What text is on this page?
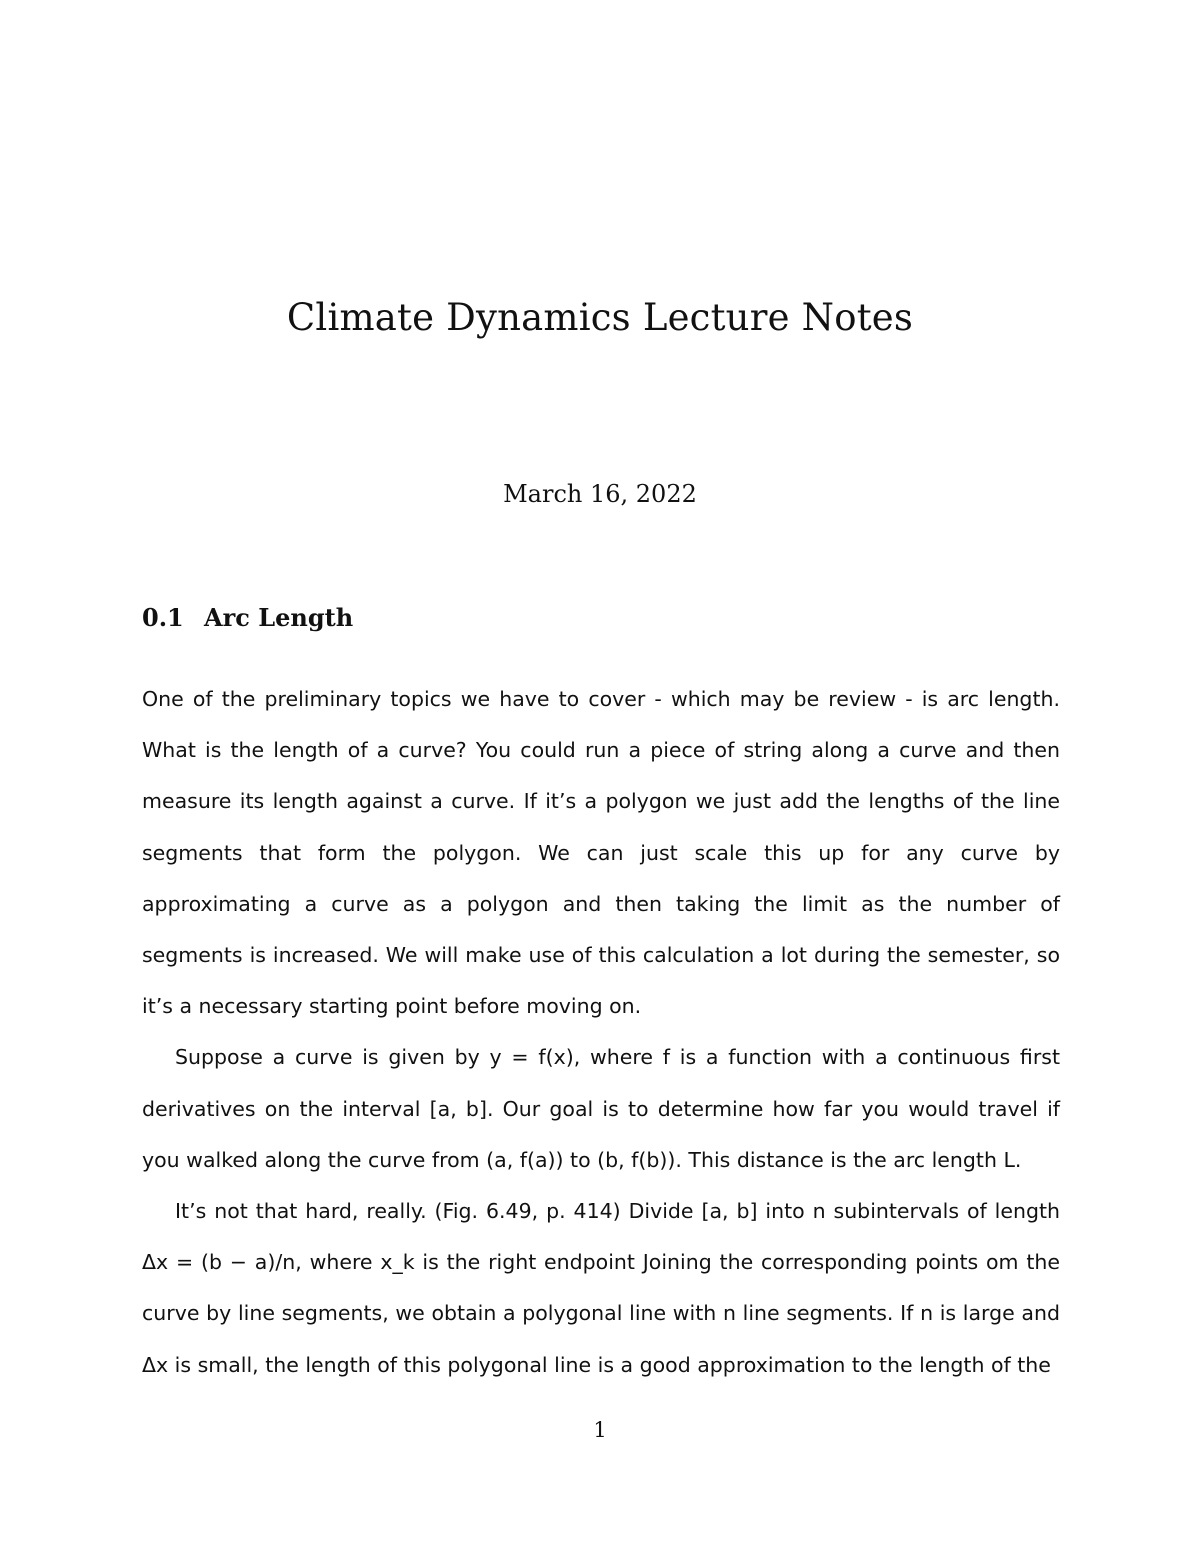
Climate Dynamics Lecture Notes
March 16, 2022
0.1 Arc Length

One of the preliminary topics we have to cover - which may be review - is arc length. What is the length of a curve? You could run a piece of string along a curve and then measure its length against a curve. If it’s a polygon we just add the lengths of the line segments that form the polygon. We can just scale this up for any curve by approximating a curve as a polygon and then taking the limit as the number of segments is increased. We will make use of this calculation a lot during the semester, so it’s a necessary starting point before moving on.

Suppose a curve is given by y = f(x), where f is a function with a continuous first derivatives on the interval [a, b]. Our goal is to determine how far you would travel if you walked along the curve from (a, f(a)) to (b, f(b)). This distance is the arc length L.

It’s not that hard, really. (Fig. 6.49, p. 414) Divide [a, b] into n subintervals of length Δx = (b − a)/n, where x_k is the right endpoint Joining the corresponding points om the curve by line segments, we obtain a polygonal line with n line segments. If n is large and Δx is small, the length of this polygonal line is a good approximation to the length of the

1
